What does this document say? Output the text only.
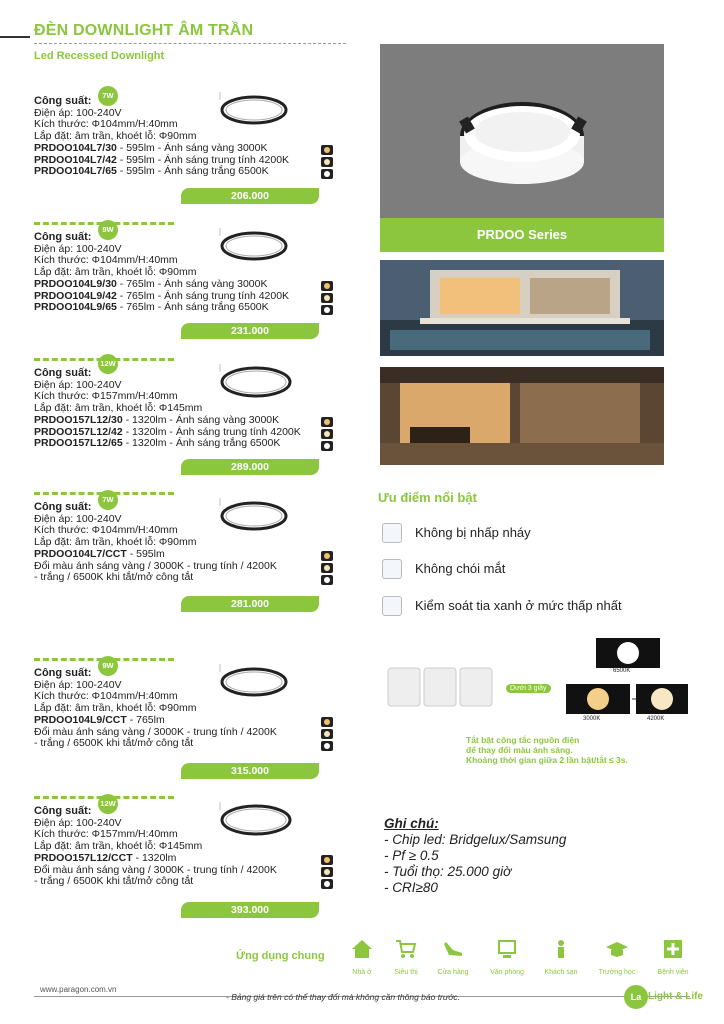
ĐÈN DOWNLIGHT ÂM TRẦN
Led Recessed Downlight
7W
Công suất:
Điện áp: 100-240V
Kích thước: Φ104mm/H:40mm
Lắp đặt: âm trần, khoét lỗ: Φ90mm
PRDOO104L7/30 - 595lm - Ánh sáng vàng 3000K
PRDOO104L7/42 - 595lm - Ánh sáng trung tính 4200K
PRDOO104L7/65 - 595lm - Ánh sáng trắng 6500K
206.000
9W
Công suất:
Điện áp: 100-240V
Kích thước: Φ104mm/H:40mm
Lắp đặt: âm trần, khoét lỗ: Φ90mm
PRDOO104L9/30 - 765lm - Ánh sáng vàng 3000K
PRDOO104L9/42 - 765lm - Ánh sáng trung tính 4200K
PRDOO104L9/65 - 765lm - Ánh sáng trắng 6500K
231.000
12W
Công suất:
Điện áp: 100-240V
Kích thước: Φ157mm/H:40mm
Lắp đặt: âm trần, khoét lỗ: Φ145mm
PRDOO157L12/30 - 1320lm - Ánh sáng vàng 3000K
PRDOO157L12/42 - 1320lm - Ánh sáng trung tính 4200K
PRDOO157L12/65 - 1320lm - Ánh sáng trắng 6500K
289.000
7W
Công suất:
Điện áp: 100-240V
Kích thước: Φ104mm/H:40mm
Lắp đặt: âm trần, khoét lỗ: Φ90mm
PRDOO104L7/CCT - 595lm
Đổi màu ánh sáng vàng / 3000K - trung tính / 4200K
- trắng / 6500K khi tắt/mở công tắt
281.000
9W
Công suất:
Điện áp: 100-240V
Kích thước: Φ104mm/H:40mm
Lắp đặt: âm trần, khoét lỗ: Φ90mm
PRDOO104L9/CCT - 765lm
Đổi màu ánh sáng vàng / 3000K - trung tính / 4200K
- trắng / 6500K khi tắt/mở công tắt
315.000
12W
Công suất:
Điện áp: 100-240V
Kích thước: Φ157mm/H:40mm
Lắp đặt: âm trần, khoét lỗ: Φ145mm
PRDOO157L12/CCT - 1320lm
Đổi màu ánh sáng vàng / 3000K - trung tính / 4200K
- trắng / 6500K khi tắt/mở công tắt
393.000
PRDOO Series
Ưu điểm nổi bật
Không bị nhấp nháy
Không chói mắt
Kiểm soát tia xanh ở mức thấp nhất
Dưới 3 giây
6500K
3000K	4200K
Tắt bật công tắc nguồn điện
để thay đổi màu ánh sáng.
Khoảng thời gian giữa 2 lần bật/tắt ≤ 3s.
Ghi chú:
- Chip led: Bridgelux/Samsung
- Pf ≥ 0.5
- Tuổi thọ: 25.000 giờ
- CRI≥80
Ứng dụng chung
Nhà ở	Siêu thị	Cửa hàng	Văn phòng	Khách sạn	Trường học	Bệnh viện
www.paragon.com.vn
- Bảng giá trên có thể thay đổi mà không cần thông báo trước.	La Light & Life
